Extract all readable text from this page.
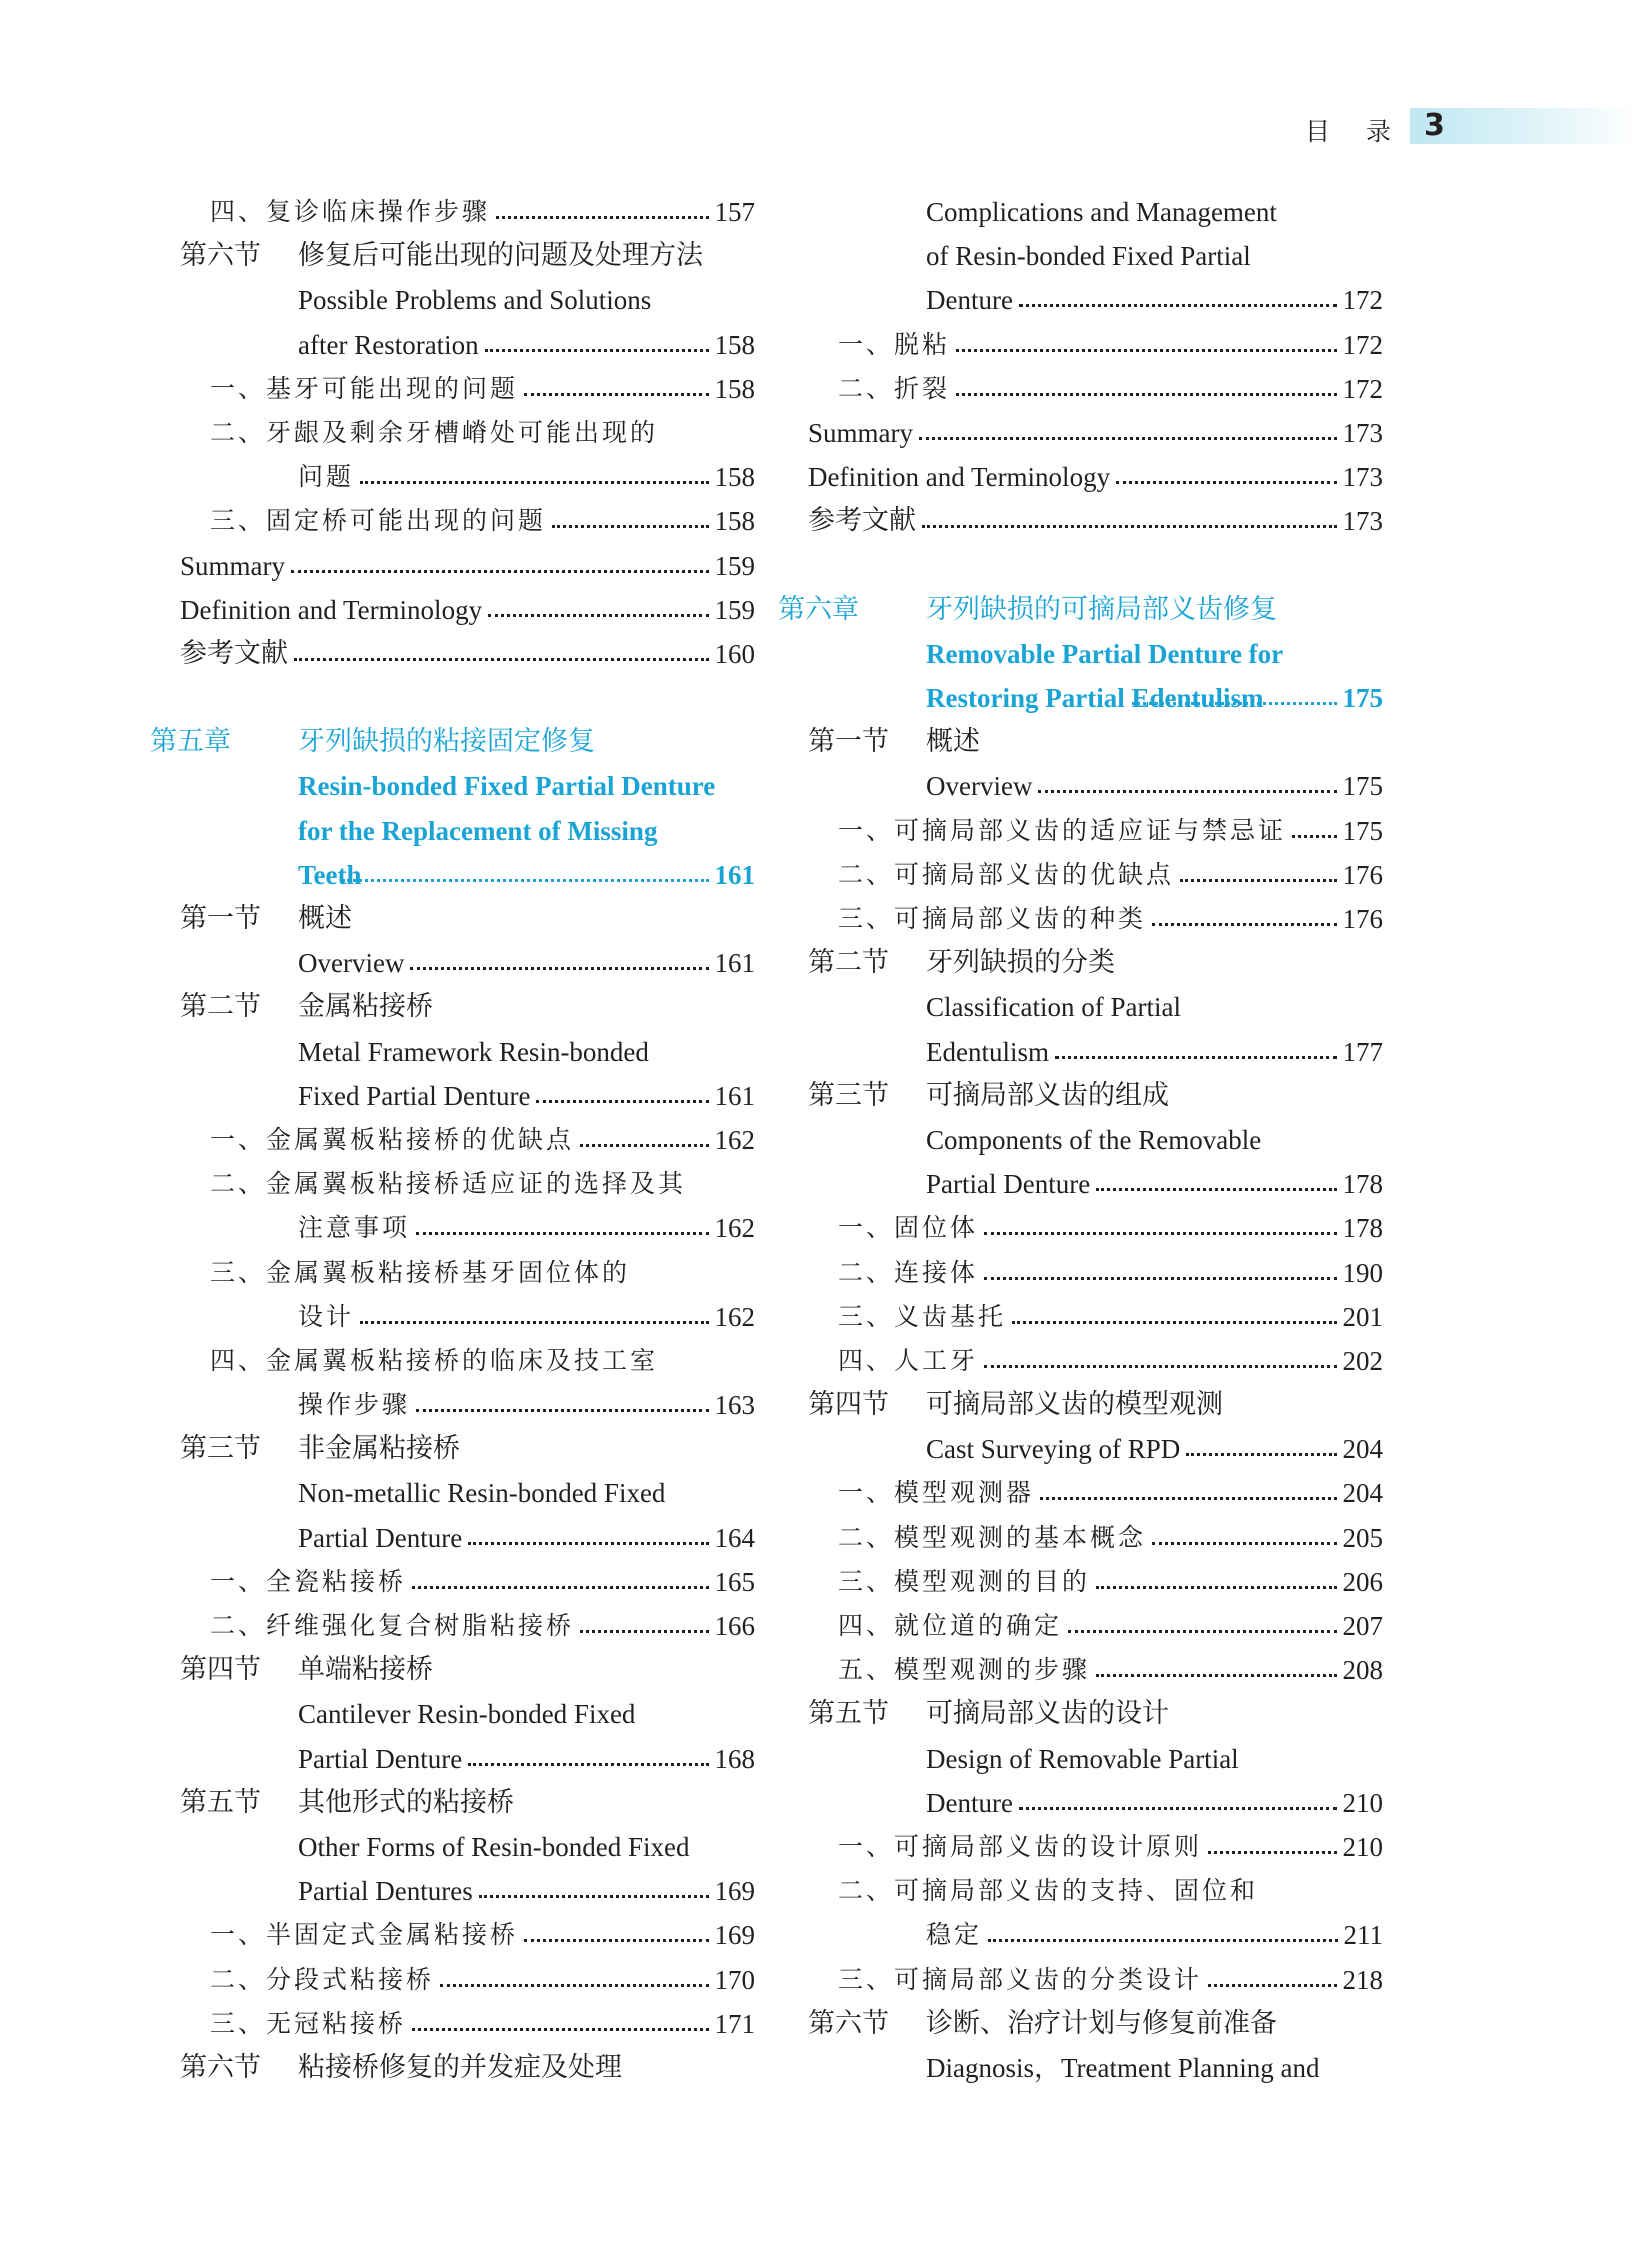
目 录 3
四、复诊临床操作步骤	157
第六节 修复后可能出现的问题及处理方法
Possible Problems and Solutions
after Restoration	158
一、基牙可能出现的问题	158
二、牙龈及剩余牙槽嵴处可能出现的
问题	158
三、固定桥可能出现的问题	158
Summary	159
Definition and Terminology	159
参考文献	160
第五章 牙列缺损的粘接固定修复
Resin-bonded Fixed Partial Denture
for the Replacement of Missing
Teeth	161
第一节 概述
Overview	161
第二节 金属粘接桥
Metal Framework Resin-bonded
Fixed Partial Denture	161
一、金属翼板粘接桥的优缺点	162
二、金属翼板粘接桥适应证的选择及其
注意事项	162
三、金属翼板粘接桥基牙固位体的
设计	162
四、金属翼板粘接桥的临床及技工室
操作步骤	163
第三节 非金属粘接桥
Non-metallic Resin-bonded Fixed
Partial Denture	164
一、全瓷粘接桥	165
二、纤维强化复合树脂粘接桥	166
第四节 单端粘接桥
Cantilever Resin-bonded Fixed
Partial Denture	168
第五节 其他形式的粘接桥
Other Forms of Resin-bonded Fixed
Partial Dentures	169
一、半固定式金属粘接桥	169
二、分段式粘接桥	170
三、无冠粘接桥	171
第六节 粘接桥修复的并发症及处理
Complications and Management
of Resin-bonded Fixed Partial
Denture	172
一、脱粘	172
二、折裂	172
Summary	173
Definition and Terminology	173
参考文献	173
第六章 牙列缺损的可摘局部义齿修复
Removable Partial Denture for
Restoring Partial Edentulism	175
第一节 概述
Overview	175
一、可摘局部义齿的适应证与禁忌证 175
二、可摘局部义齿的优缺点	176
三、可摘局部义齿的种类	176
第二节 牙列缺损的分类
Classification of Partial
Edentulism	177
第三节 可摘局部义齿的组成
Components of the Removable
Partial Denture	178
一、固位体	178
二、连接体	190
三、义齿基托	201
四、人工牙	202
第四节 可摘局部义齿的模型观测
Cast Surveying of RPD	204
一、模型观测器	204
二、模型观测的基本概念	205
三、模型观测的目的	206
四、就位道的确定	207
五、模型观测的步骤	208
第五节 可摘局部义齿的设计
Design of Removable Partial
Denture	210
一、可摘局部义齿的设计原则	210
二、可摘局部义齿的支持、固位和
稳定	211
三、可摘局部义齿的分类设计	218
第六节 诊断、治疗计划与修复前准备
Diagnosis，Treatment Planning and
